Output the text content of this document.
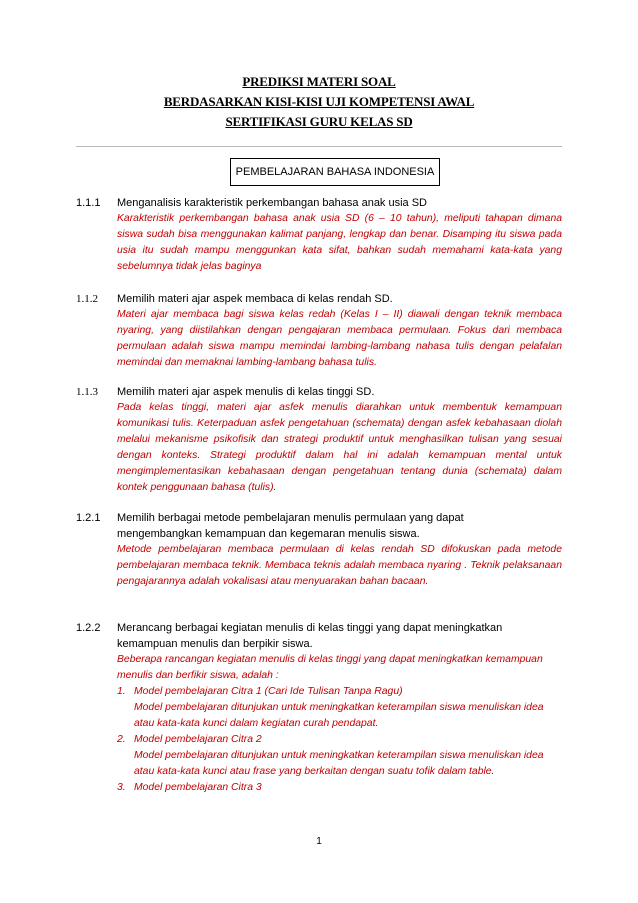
PREDIKSI MATERI SOAL
BERDASARKAN KISI-KISI UJI KOMPETENSI AWAL
SERTIFIKASI GURU KELAS SD
PEMBELAJARAN BAHASA INDONESIA
1.1.1 Menganalisis karakteristik perkembangan bahasa anak usia SD
Karakteristik perkembangan bahasa anak usia SD (6 – 10 tahun), meliputi tahapan dimana siswa sudah bisa menggunakan kalimat panjang, lengkap dan benar. Disamping itu siswa pada usia itu sudah mampu menggunkan kata sifat, bahkan sudah memahami kata-kata yang sebelumnya tidak jelas baginya
1.1.2 Memilih materi ajar aspek membaca di kelas rendah SD.
Materi ajar membaca bagi siswa kelas redah (Kelas I – II) diawali dengan teknik membaca nyaring, yang diistilahkan dengan pengajaran membaca permulaan. Fokus dari membaca permulaan adalah siswa mampu memindai lambing-lambang nahasa tulis dengan pelafalan memindai dan memaknai lambing-lambang bahasa tulis.
1.1.3 Memilih materi ajar aspek menulis di kelas tinggi SD.
Pada kelas tinggi, materi ajar asfek menulis diarahkan untuk membentuk kemampuan komunikasi tulis. Keterpaduan asfek pengetahuan (schemata) dengan asfek kebahasaan diolah melalui mekanisme psikofisik dan strategi produktif untuk menghasilkan tulisan yang sesuai dengan konteks. Strategi produktif dalam hal ini adalah kemampuan mental untuk mengimplementasikan kebahasaan dengan pengetahuan tentang dunia (schemata) dalam kontek penggunaan bahasa (tulis).
1.2.1 Memilih berbagai metode pembelajaran menulis permulaan yang dapat
mengembangkan kemampuan dan kegemaran menulis siswa.
Metode pembelajaran membaca permulaan di kelas rendah SD difokuskan pada metode pembelajaran membaca teknik. Membaca teknis adalah membaca nyaring . Teknik pelaksanaan pengajarannya adalah vokalisasi atau menyuarakan bahan bacaan.
1.2.2 Merancang berbagai kegiatan menulis di kelas tinggi yang dapat meningkatkan
kemampuan menulis dan berpikir siswa.
Beberapa rancangan kegiatan menulis di kelas tinggi yang dapat meningkatkan kemampuan menulis dan berfikir siswa, adalah :
1. Model pembelajaran Citra 1 (Cari Ide Tulisan Tanpa Ragu)
Model pembelajaran ditunjukan untuk meningkatkan keterampilan siswa menuliskan idea atau kata-kata kunci dalam kegiatan curah pendapat.
2. Model pembelajaran Citra 2
Model pembelajaran ditunjukan untuk meningkatkan keterampilan siswa menuliskan idea atau kata-kata kunci atau frase yang berkaitan dengan suatu tofik dalam table.
3. Model pembelajaran Citra 3
1
